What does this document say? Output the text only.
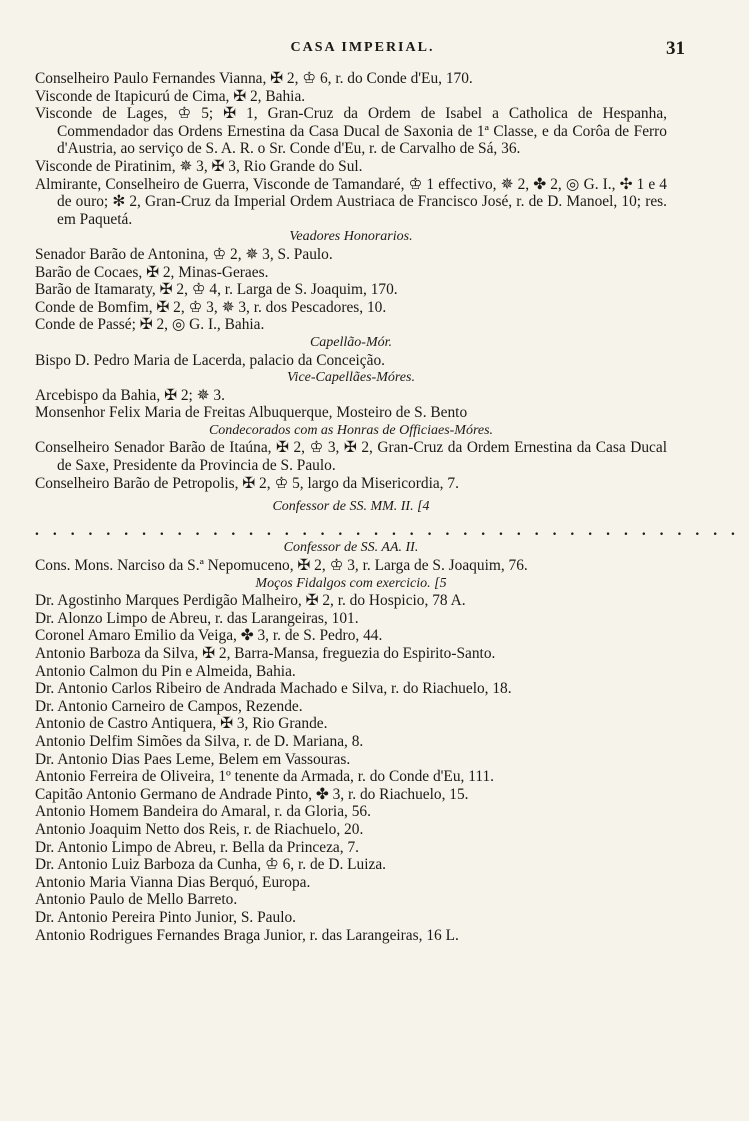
CASA IMPERIAL.	31
Conselheiro Paulo Fernandes Vianna, ✠ 2, ♔ 6, r. do Conde d'Eu, 170.
Visconde de Itapicurú de Cima, ✠ 2, Bahia.
Visconde de Lages, ♔ 5; ✠ 1, Gran-Cruz da Ordem de Isabel a Catholica de Hespanha, Commendador das Ordens Ernestina da Casa Ducal de Saxonia de 1ª Classe, e da Corôa de Ferro d'Austria, ao serviço de S. A. R. o Sr. Conde d'Eu, r. de Carvalho de Sá, 36.
Visconde de Piratinim, ✵ 3, ✠ 3, Rio Grande do Sul.
Almirante, Conselheiro de Guerra, Visconde de Tamandaré, ♔ 1 effectivo, ✵ 2, ✤ 2, ◎ G. I., ✣ 1 e 4 de ouro; ✻ 2, Gran-Cruz da Imperial Ordem Austriaca de Francisco José, r. de D. Manoel, 10; res. em Paquetá.
Veadores Honorarios.
Senador Barão de Antonina, ♔ 2, ✵ 3, S. Paulo.
Barão de Cocaes, ✠ 2, Minas-Geraes.
Barão de Itamaraty, ✠ 2, ♔ 4, r. Larga de S. Joaquim, 170.
Conde de Bomfim, ✠ 2, ♔ 3, ✵ 3, r. dos Pescadores, 10.
Conde de Passé; ✠ 2, ◎ G. I., Bahia.
Capellão-Mór.
Bispo D. Pedro Maria de Lacerda, palacio da Conceição.
Vice-Capellães-Móres.
Arcebispo da Bahia, ✠ 2; ✵ 3.
Monsenhor Felix Maria de Freitas Albuquerque, Mosteiro de S. Bento
Condecorados com as Honras de Officiaes-Móres.
Conselheiro Senador Barão de Itaúna, ✠ 2, ♔ 3, ✠ 2, Gran-Cruz da Ordem Ernestina da Casa Ducal de Saxe, Presidente da Provincia de S. Paulo.
Conselheiro Barão de Petropolis, ✠ 2, ♔ 5, largo da Misericordia, 7.
Confessor de SS. MM. II. [4
........................................
Confessor de SS. AA. II.
Cons. Mons. Narciso da S.ª Nepomuceno, ✠ 2, ♔ 3, r. Larga de S. Joaquim, 76.
Moços Fidalgos com exercicio. [5
Dr. Agostinho Marques Perdigão Malheiro, ✠ 2, r. do Hospicio, 78 A.
Dr. Alonzo Limpo de Abreu, r. das Larangeiras, 101.
Coronel Amaro Emilio da Veiga, ✤ 3, r. de S. Pedro, 44.
Antonio Barboza da Silva, ✠ 2, Barra-Mansa, freguezia do Espirito-Santo.
Antonio Calmon du Pin e Almeida, Bahia.
Dr. Antonio Carlos Ribeiro de Andrada Machado e Silva, r. do Riachuelo, 18.
Dr. Antonio Carneiro de Campos, Rezende.
Antonio de Castro Antiquera, ✠ 3, Rio Grande.
Antonio Delfim Simões da Silva, r. de D. Mariana, 8.
Dr. Antonio Dias Paes Leme, Belem em Vassouras.
Antonio Ferreira de Oliveira, 1º tenente da Armada, r. do Conde d'Eu, 111.
Capitão Antonio Germano de Andrade Pinto, ✤ 3, r. do Riachuelo, 15.
Antonio Homem Bandeira do Amaral, r. da Gloria, 56.
Antonio Joaquim Netto dos Reis, r. de Riachuelo, 20.
Dr. Antonio Limpo de Abreu, r. Bella da Princeza, 7.
Dr. Antonio Luiz Barboza da Cunha, ♔ 6, r. de D. Luiza.
Antonio Maria Vianna Dias Berquó, Europa.
Antonio Paulo de Mello Barreto.
Dr. Antonio Pereira Pinto Junior, S. Paulo.
Antonio Rodrigues Fernandes Braga Junior, r. das Larangeiras, 16 L.
